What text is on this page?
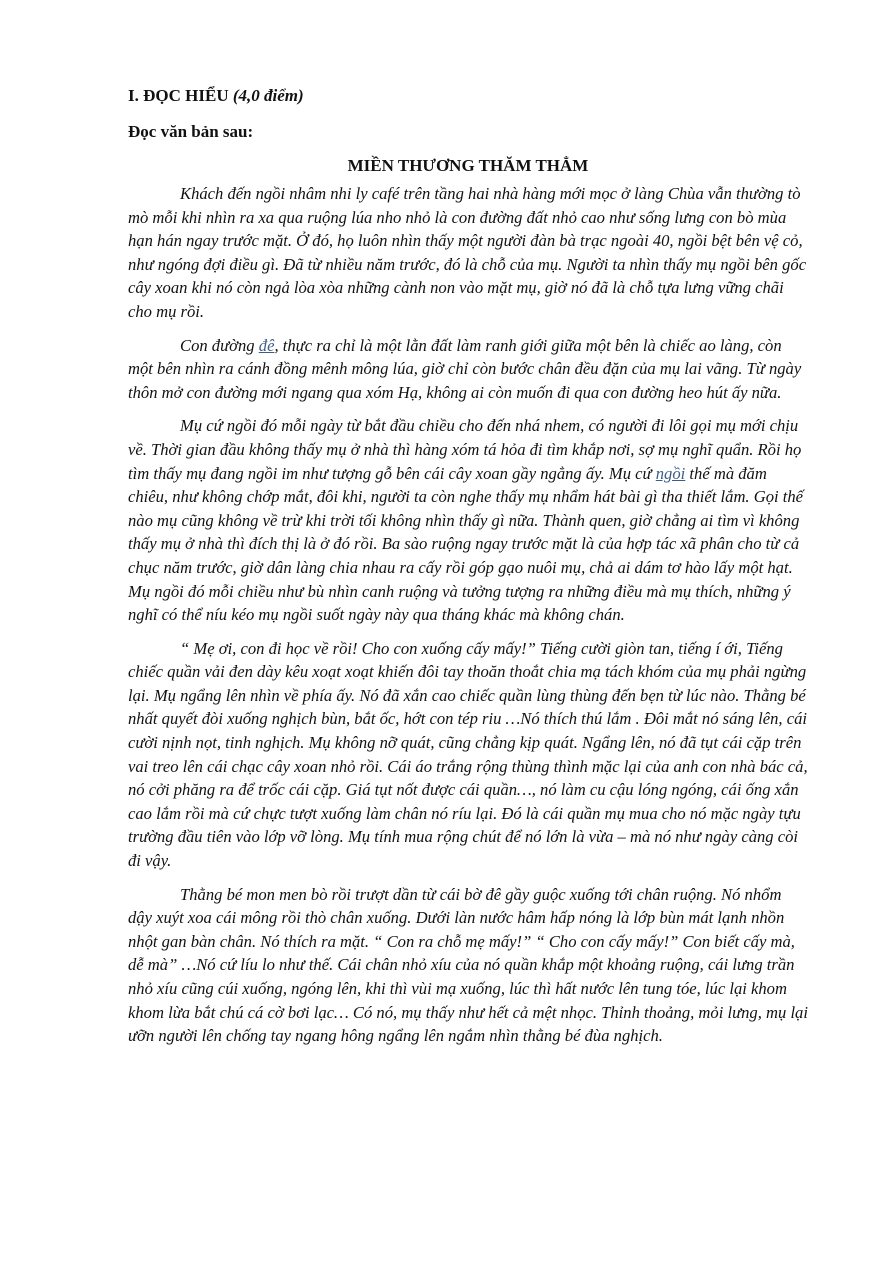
I. ĐỌC HIỂU (4,0 điểm)

Đọc văn bản sau:

MIỀN THƯƠNG THĂM THẲM

Khách đến ngồi nhâm nhi ly café trên tầng hai nhà hàng mới mọc ở làng Chùa vẫn thường tò mò mỗi khi nhìn ra xa qua ruộng lúa nho nhỏ là con đường đất nhỏ cao như sống lưng con bò mùa hạn hán ngay trước mặt. Ở đó, họ luôn nhìn thấy một người đàn bà trạc ngoài 40, ngồi bệt bên vệ cỏ, như ngóng đợi điều gì. Đã từ nhiều năm trước, đó là chỗ của mụ. Người ta nhìn thấy mụ ngồi bên gốc cây xoan khi nó còn ngả lòa xòa những cành non vào mặt mụ, giờ nó đã là chỗ tựa lưng vững chãi cho mụ rồi.

Con đường đê, thực ra chỉ là một lằn đất làm ranh giới giữa một bên là chiếc ao làng, còn một bên nhìn ra cánh đồng mênh mông lúa, giờ chỉ còn bước chân đều đặn của mụ lai vãng. Từ ngày thôn mở con đường mới ngang qua xóm Hạ, không ai còn muốn đi qua con đường heo hút ấy nữa.

Mụ cứ ngồi đó mỗi ngày từ bắt đầu chiều cho đến nhá nhem, có người đi lôi gọi mụ mới chịu về. Thời gian đầu không thấy mụ ở nhà thì hàng xóm tá hỏa đi tìm khắp nơi, sợ mụ nghĩ quẩn. Rồi họ tìm thấy mụ đang ngồi im như tượng gỗ bên cái cây xoan gầy ngẳng ấy. Mụ cứ ngồi thế mà đăm chiêu, như không chớp mắt, đôi khi, người ta còn nghe thấy mụ nhẩm hát bài gì tha thiết lắm. Gọi thế nào mụ cũng không về trừ khi trời tối không nhìn thấy gì nữa. Thành quen, giờ chẳng ai tìm vì không thấy mụ ở nhà thì đích thị là ở đó rồi. Ba sào ruộng ngay trước mặt là của hợp tác xã phân cho từ cả chục năm trước, giờ dân làng chia nhau ra cấy rồi góp gạo nuôi mụ, chả ai dám tơ hào lấy một hạt. Mụ ngồi đó mỗi chiều như bù nhìn canh ruộng và tưởng tượng ra những điều mà mụ thích, những ý nghĩ có thể níu kéo mụ ngồi suốt ngày này qua tháng khác mà không chán.

“ Mẹ ơi, con đi học về rồi! Cho con xuống cấy mấy!” Tiếng cười giòn tan, tiếng í ới, Tiếng chiếc quần vải đen dày kêu xoạt xoạt khiến đôi tay thoăn thoắt chia mạ tách khóm của mụ phải ngừng lại. Mụ ngẩng lên nhìn về phía ấy. Nó đã xắn cao chiếc quần lùng thùng đến bẹn từ lúc nào. Thằng bé nhất quyết đòi xuống nghịch bùn, bắt ốc, hớt con tép riu …Nó thích thú lắm . Đôi mắt nó sáng lên, cái cười nịnh nọt, tinh nghịch. Mụ không nỡ quát, cũng chẳng kịp quát. Ngẩng lên, nó đã tụt cái cặp trên vai treo lên cái chạc cây xoan nhỏ rồi. Cái áo trắng rộng thùng thình mặc lại của anh con nhà bác cả, nó cởi phăng ra để trốc cái cặp. Giá tụt nốt được cái quần…, nó làm cu cậu lóng ngóng, cái ống xắn cao lắm rồi mà cứ chực tượt xuống làm chân nó ríu lại. Đó là cái quần mụ mua cho nó mặc ngày tựu trường đầu tiên vào lớp vỡ lòng. Mụ tính mua rộng chút để nó lớn là vừa – mà nó như ngày càng còi đi vậy.

Thằng bé mon men bò rồi trượt dần từ cái bờ đê gầy guộc xuống tới chân ruộng. Nó nhổm dậy xuýt xoa cái mông rồi thò chân xuống. Dưới làn nước hâm hấp nóng là lớp bùn mát lạnh nhồn nhột gan bàn chân. Nó thích ra mặt. “ Con ra chỗ mẹ mấy!” “ Cho con cấy mấy!” Con biết cấy mà, dễ mà” …Nó cứ líu lo như thế. Cái chân nhỏ xíu của nó quần khắp một khoảng ruộng, cái lưng trần nhỏ xíu cũng cúi xuống, ngóng lên, khi thì vùi mạ xuống, lúc thì hất nước lên tung tóe, lúc lại khom khom lừa bắt chú cá cờ bơi lạc… Có nó, mụ thấy như hết cả mệt nhọc. Thỉnh thoảng, mỏi lưng, mụ lại ưỡn người lên chống tay ngang hông ngẩng lên ngắm nhìn thằng bé đùa nghịch.
